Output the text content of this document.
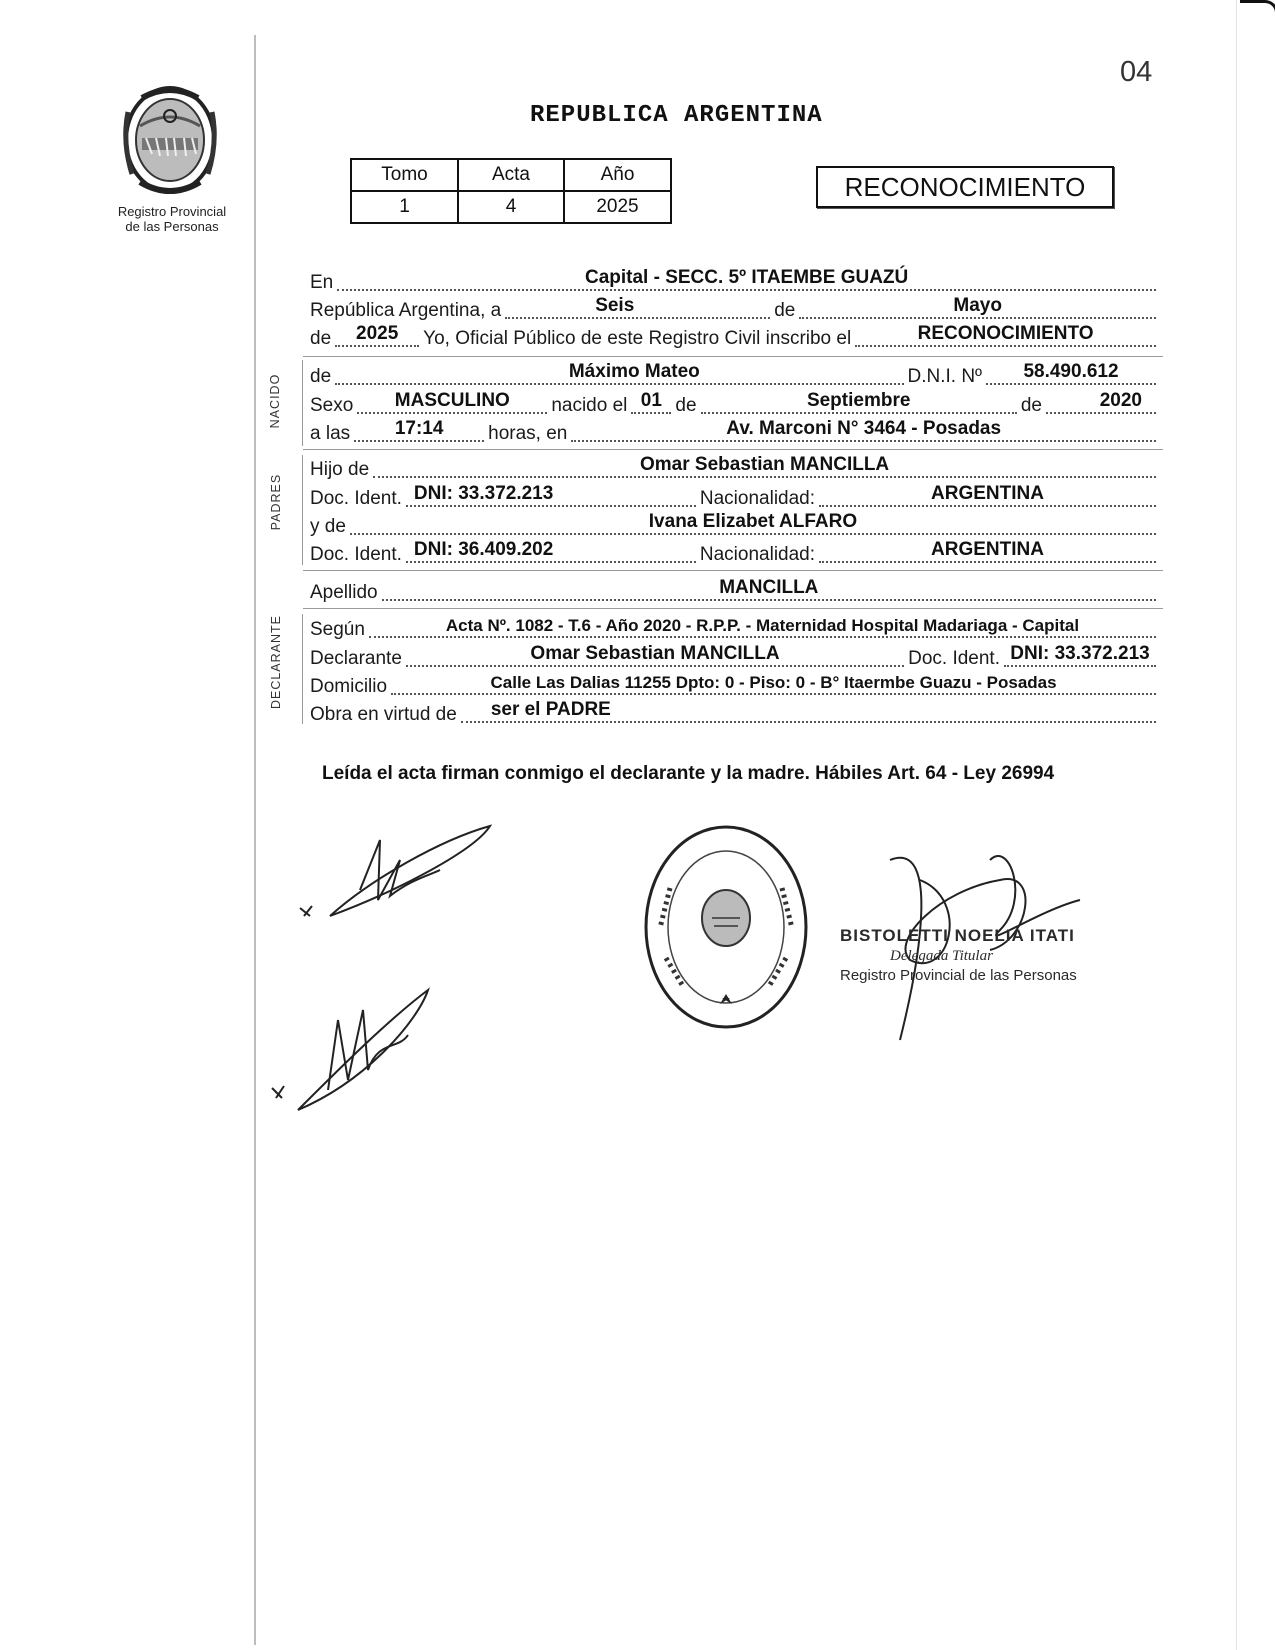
04
Registro Provincial
de las Personas
REPUBLICA ARGENTINA
Tomo	Acta	Año
1	4	2025
RECONOCIMIENTO
En	Capital - SECC. 5º ITAEMBE GUAZÚ
República Argentina, a	Seis	de	Mayo
de	2025	Yo, Oficial Público de este Registro Civil inscribo el	RECONOCIMIENTO
NACIDO de	Máximo Mateo	D.N.I. Nº	58.490.612
Sexo	MASCULINO	nacido el 01 de	Septiembre	de	2020
a las	17:14	horas, en	Av. Marconi N° 3464 - Posadas
PADRES
Hijo de	Omar Sebastian MANCILLA
Doc. Ident. DNI: 33.372.213	Nacionalidad:	ARGENTINA
y de	Ivana Elizabet ALFARO
Doc. Ident. DNI: 36.409.202	Nacionalidad:	ARGENTINA
Apellido	MANCILLA
DECLARANTE Según	Acta Nº. 1082 - T.6 - Año 2020 - R.P.P. - Maternidad Hospital Madariaga - Capital
Declarante	Omar Sebastian MANCILLA	Doc. Ident. DNI: 33.372.213
Domicilio	Calle Las Dalias 11255 Dpto: 0 - Piso: 0 - B° Itaermbe Guazu - Posadas
Obra en virtud de	ser el PADRE
Leída el acta firman conmigo el declarante y la madre. Hábiles Art. 64 - Ley 26994
BISTOLETTI NOELIA ITATI
Delegada Titular
Registro Provincial de las Personas
